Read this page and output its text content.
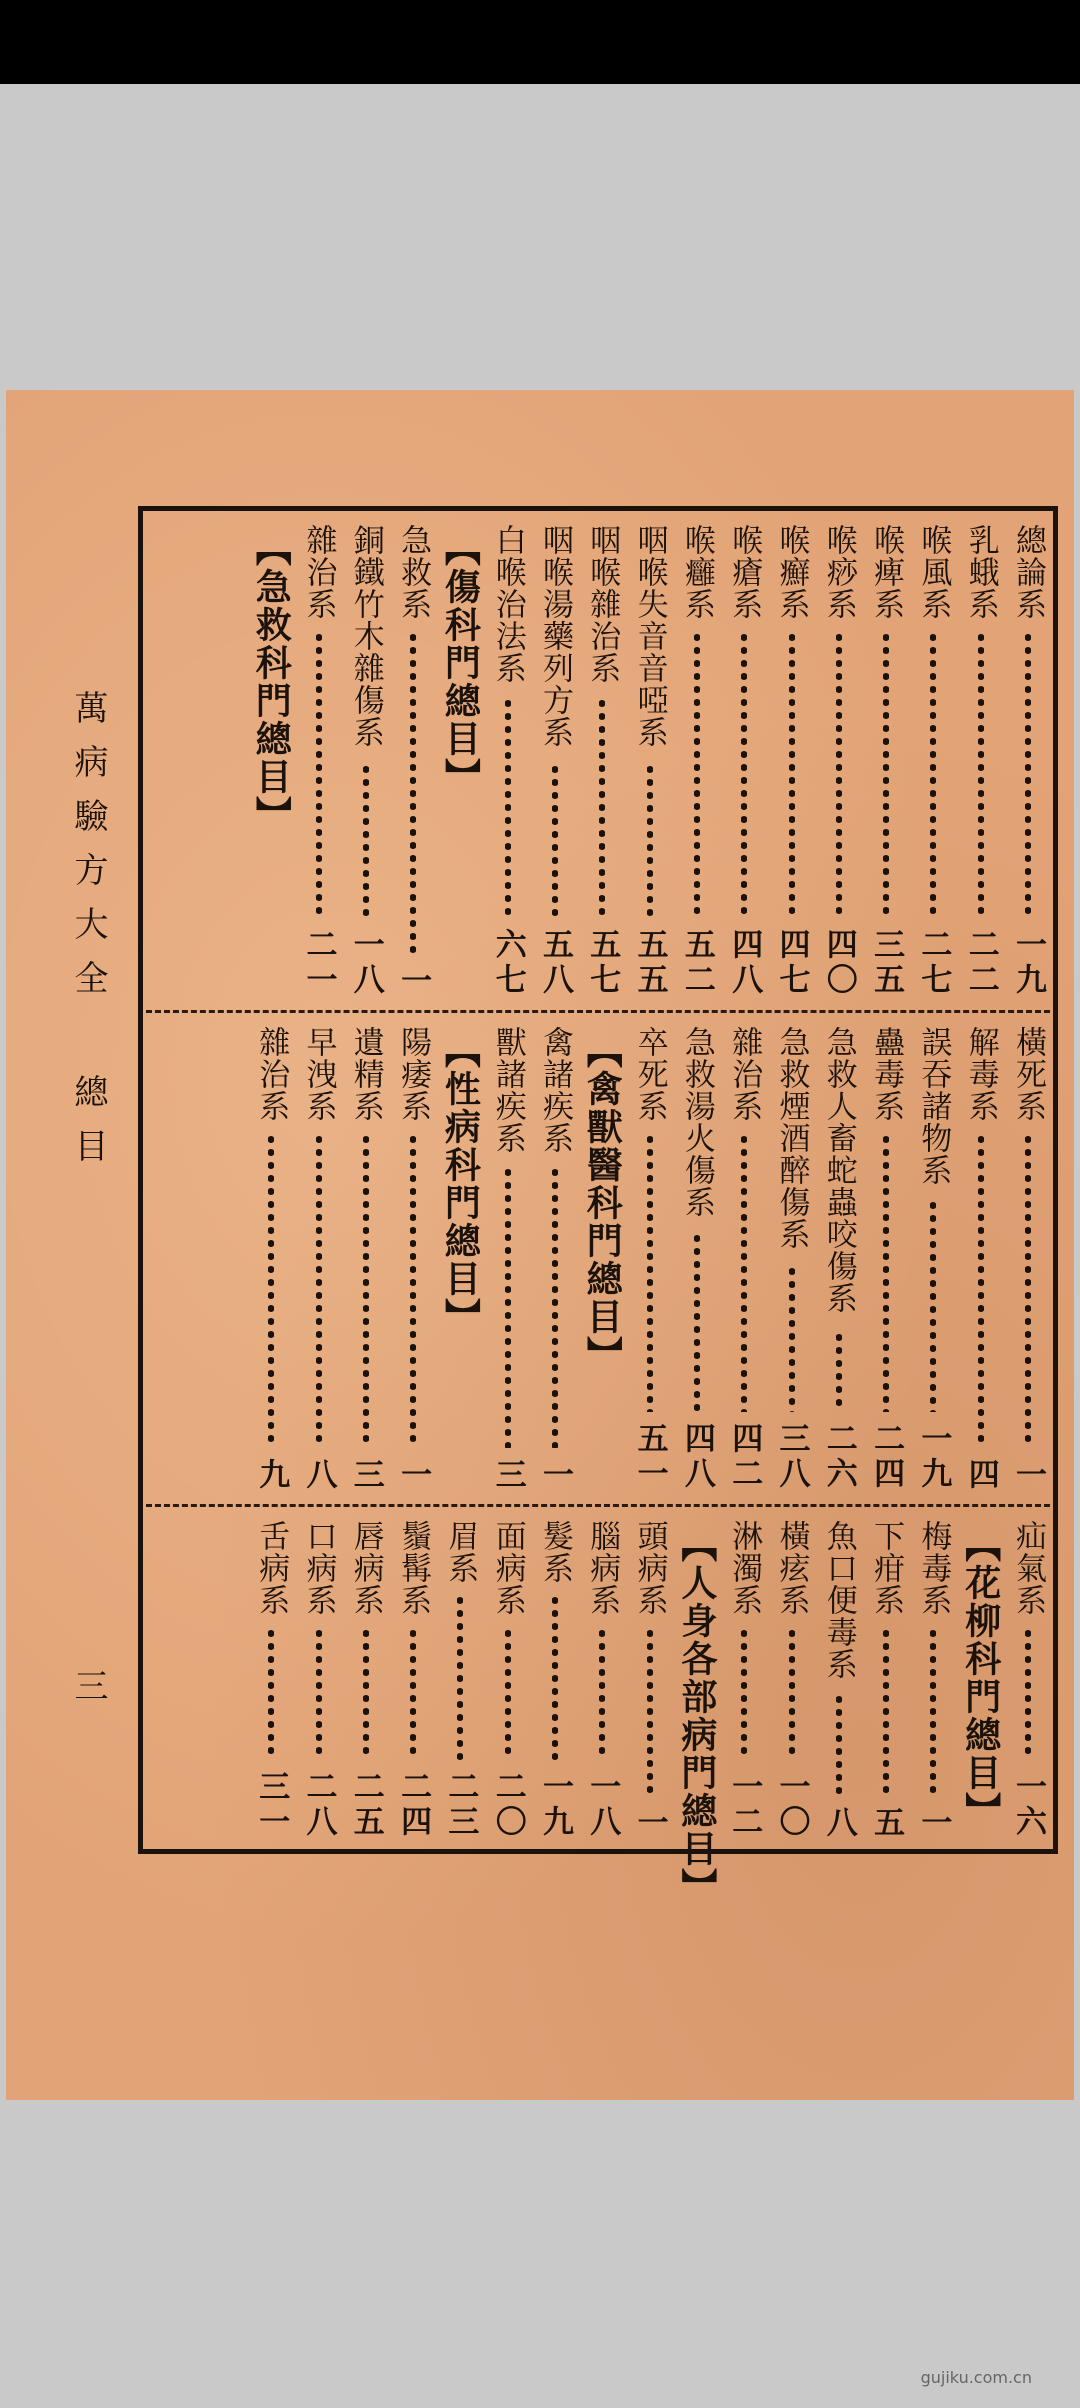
萬病驗方大全 總目
總論系
一九
乳蛾系
二二
喉風系
二七
喉痺系
三五
喉痧系
四〇
喉癬系
四七
喉瘡系
四八
喉癰系
五二
咽喉失音音啞系
五五
咽喉雜治系
五七
咽喉湯藥列方系
五八
白喉治法系
六七
【傷科門總目】
急救系
一
銅鐵竹木雜傷系
一八
雜治系
二一
【急救科門總目】
橫死系
一
解毒系
四
誤吞諸物系
一九
蠱毒系
二四
急救人畜蛇蟲咬傷系
二六
急救煙酒醉傷系
三八
雜治系
四二
急救湯火傷系
四八
卒死系
五一
【禽獸醫科門總目】
禽諸疾系
一
獸諸疾系
三
【性病科門總目】
陽痿系
一
遺精系
三
早洩系
八
雜治系
九
疝氣系
一六
【花柳科門總目】
梅毒系
一
下疳系
五
魚口便毒系
八
橫痃系
一〇
淋濁系
一二
【人身各部病門總目】
頭病系
一
腦病系
一八
髮系
一九
面病系
二〇
眉系
二三
鬚髯系
二四
唇病系
二五
口病系
二八
舌病系
三一
三
gujiku.com.cn
